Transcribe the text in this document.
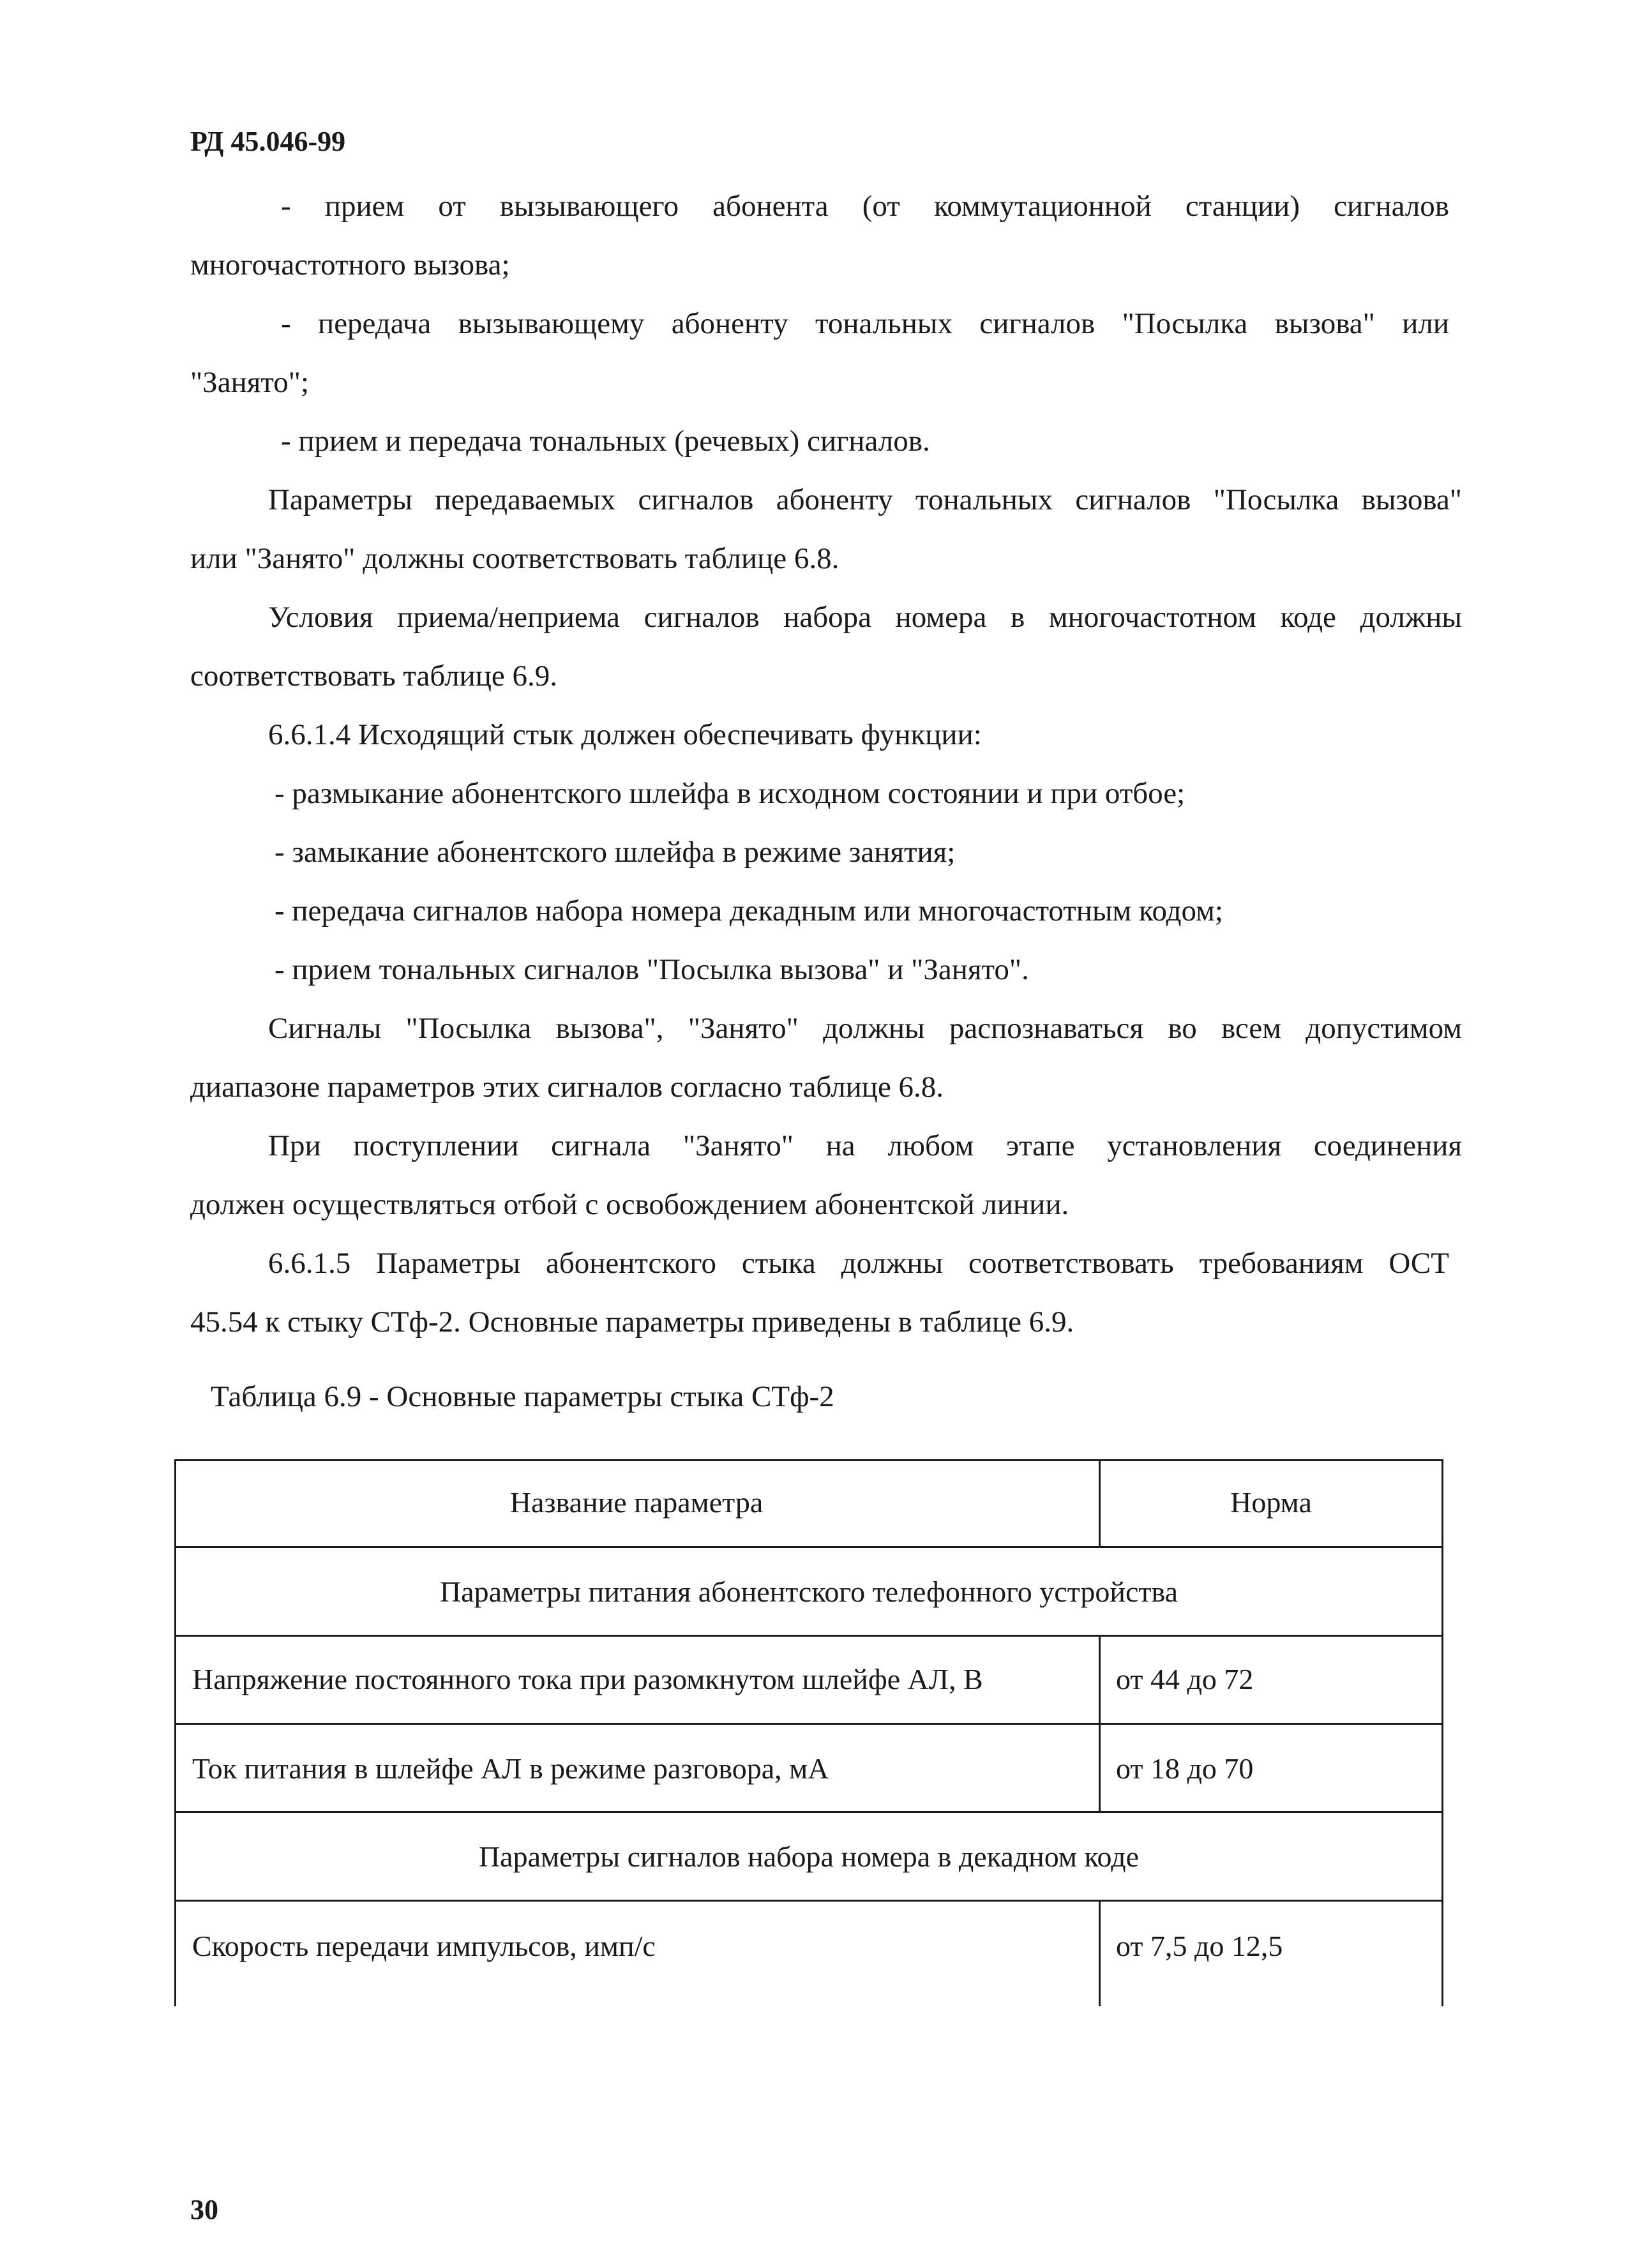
РД 45.046-99
- прием от вызывающего абонента (от коммутационной станции) сигналов
многочастотного вызова;
- передача вызывающему абоненту тональных сигналов "Посылка вызова" или
"Занято";
- прием и передача тональных (речевых) сигналов.
Параметры передаваемых сигналов абоненту тональных сигналов "Посылка вызова"
или "Занято" должны соответствовать таблице 6.8.
Условия приема/неприема сигналов набора номера в многочастотном коде должны
соответствовать таблице 6.9.
6.6.1.4 Исходящий стык должен обеспечивать функции:
- размыкание абонентского шлейфа в исходном состоянии и при отбое;
- замыкание абонентского шлейфа в режиме занятия;
- передача сигналов набора номера декадным или многочастотным кодом;
- прием тональных сигналов "Посылка вызова" и "Занято".
Сигналы "Посылка вызова", "Занято" должны распознаваться во всем допустимом
диапазоне параметров этих сигналов согласно таблице 6.8.
При поступлении сигнала "Занято" на любом этапе установления соединения
должен осуществляться отбой с освобождением абонентской линии.
6.6.1.5 Параметры абонентского стыка должны соответствовать требованиям ОСТ
45.54 к стыку СТф-2. Основные параметры приведены в таблице 6.9.
Таблица 6.9 - Основные параметры стыка СТф-2
Название параметра	Норма
Параметры питания абонентского телефонного устройства
Напряжение постоянного тока при разомкнутом шлейфе АЛ, В	от 44 до 72
Ток питания в шлейфе АЛ в режиме разговора, мА	от 18 до 70
Параметры сигналов набора номера в декадном коде
Скорость передачи импульсов, имп/с	от 7,5 до 12,5
30
